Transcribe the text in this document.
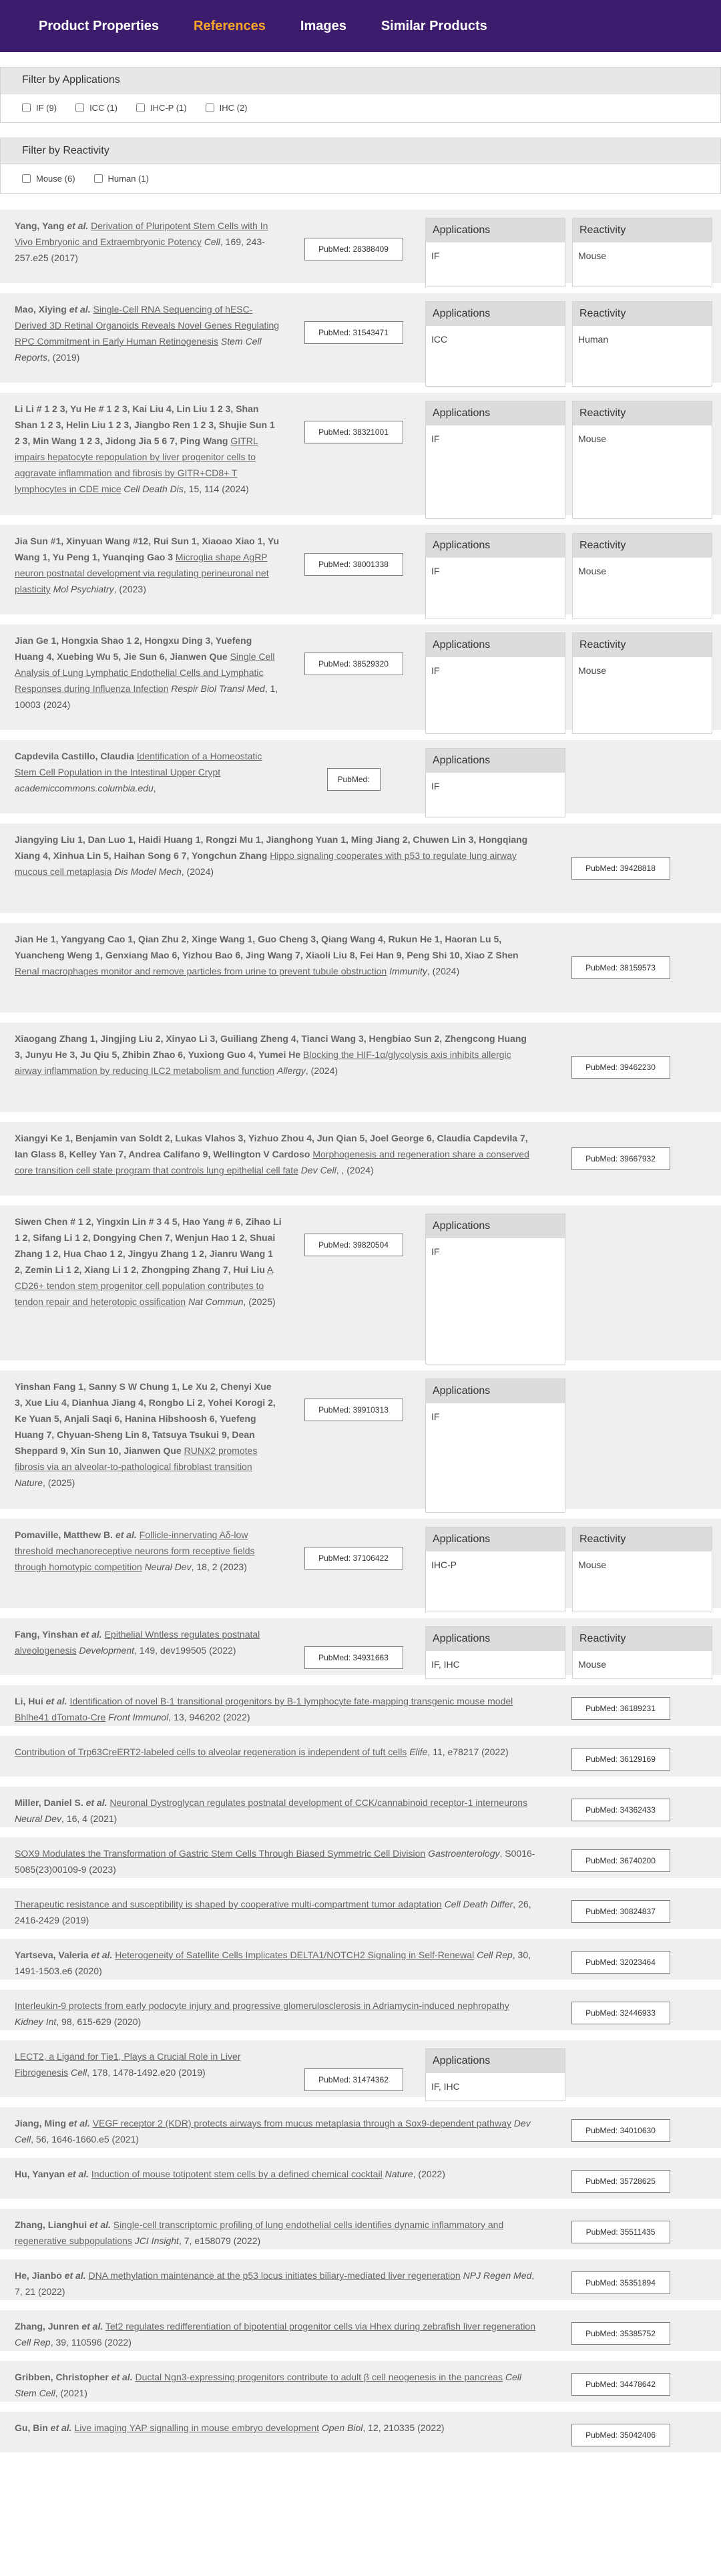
Product Properties	References	Images	Similar Products
Filter by Applications
IF (9)	ICC (1)	IHC-P (1)	IHC (2)
Filter by Reactivity
Mouse (6)	Human (1)
Yang, Yang et al. Derivation of Pluripotent Stem Cells with In Vivo Embryonic and Extraembryonic Potency Cell, 169, 243-257.e25 (2017)
PubMed: 28388409
Applications
IF
Reactivity
Mouse
Mao, Xiying et al. Single-Cell RNA Sequencing of hESC-Derived 3D Retinal Organoids Reveals Novel Genes Regulating RPC Commitment in Early Human Retinogenesis Stem Cell Reports, (2019)
PubMed: 31543471
Applications
ICC
Reactivity
Human
Li Li # 1 2 3, Yu He # 1 2 3, Kai Liu 4, Lin Liu 1 2 3, Shan Shan 1 2 3, Helin Liu 1 2 3, Jiangbo Ren 1 2 3, Shujie Sun 1 2 3, Min Wang 1 2 3, Jidong Jia 5 6 7, Ping Wang GITRL impairs hepatocyte repopulation by liver progenitor cells to aggravate inflammation and fibrosis by GITR+CD8+ T lymphocytes in CDE mice Cell Death Dis, 15, 114 (2024)
PubMed: 38321001
Applications
IF
Reactivity
Mouse
Jia Sun #1, Xinyuan Wang #12, Rui Sun 1, Xiaoao Xiao 1, Yu Wang 1, Yu Peng 1, Yuanqing Gao 3 Microglia shape AgRP neuron postnatal development via regulating perineuronal net plasticity Mol Psychiatry, (2023)
PubMed: 38001338
Applications
IF
Reactivity
Mouse
Jian Ge 1, Hongxia Shao 1 2, Hongxu Ding 3, Yuefeng Huang 4, Xuebing Wu 5, Jie Sun 6, Jianwen Que Single Cell Analysis of Lung Lymphatic Endothelial Cells and Lymphatic Responses during Influenza Infection Respir Biol Transl Med, 1, 10003 (2024)
PubMed: 38529320
Applications
IF
Reactivity
Mouse
Capdevila Castillo, Claudia Identification of a Homeostatic Stem Cell Population in the Intestinal Upper Crypt academiccommons.columbia.edu,
PubMed:
Applications
IF
Jiangying Liu 1, Dan Luo 1, Haidi Huang 1, Rongzi Mu 1, Jianghong Yuan 1, Ming Jiang 2, Chuwen Lin 3, Hongqiang Xiang 4, Xinhua Lin 5, Haihan Song 6 7, Yongchun Zhang Hippo signaling cooperates with p53 to regulate lung airway mucous cell metaplasia Dis Model Mech, (2024)	PubMed: 39428818
Jian He 1, Yangyang Cao 1, Qian Zhu 2, Xinge Wang 1, Guo Cheng 3, Qiang Wang 4, Rukun He 1, Haoran Lu 5, Yuancheng Weng 1, Genxiang Mao 6, Yizhou Bao 6, Jing Wang 7, Xiaoli Liu 8, Fei Han 9, Peng Shi 10, Xiao Z Shen Renal macrophages monitor and remove particles from urine to prevent tubule obstruction Immunity, (2024)	PubMed: 38159573
Xiaogang Zhang 1, Jingjing Liu 2, Xinyao Li 3, Guiliang Zheng 4, Tianci Wang 3, Hengbiao Sun 2, Zhengcong Huang 3, Junyu He 3, Ju Qiu 5, Zhibin Zhao 6, Yuxiong Guo 4, Yumei He Blocking the HIF-1α/glycolysis axis inhibits allergic airway inflammation by reducing ILC2 metabolism and function Allergy, (2024)	PubMed: 39462230
Xiangyi Ke 1, Benjamin van Soldt 2, Lukas Vlahos 3, Yizhuo Zhou 4, Jun Qian 5, Joel George 6, Claudia Capdevila 7, Ian Glass 8, Kelley Yan 7, Andrea Califano 9, Wellington V Cardoso Morphogenesis and regeneration share a conserved core transition cell state program that controls lung epithelial cell fate Dev Cell, , (2024)
PubMed: 39667932
Siwen Chen # 1 2, Yingxin Lin # 3 4 5, Hao Yang # 6, Zihao Li 1 2, Sifang Li 1 2, Dongying Chen 7, Wenjun Hao 1 2, Shuai Zhang 1 2, Hua Chao 1 2, Jingyu Zhang 1 2, Jianru Wang 1 2, Zemin Li 1 2, Xiang Li 1 2, Zhongping Zhang 7, Hui Liu A CD26+ tendon stem progenitor cell population contributes to tendon repair and heterotopic ossification Nat Commun, (2025)
PubMed: 39820504
Applications
IF
Yinshan Fang 1, Sanny S W Chung 1, Le Xu 2, Chenyi Xue 3, Xue Liu 4, Dianhua Jiang 4, Rongbo Li 2, Yohei Korogi 2, Ke Yuan 5, Anjali Saqi 6, Hanina Hibshoosh 6, Yuefeng Huang 7, Chyuan-Sheng Lin 8, Tatsuya Tsukui 9, Dean Sheppard 9, Xin Sun 10, Jianwen Que RUNX2 promotes fibrosis via an alveolar-to-pathological fibroblast transition Nature, (2025)
PubMed: 39910313
Applications
IF
Pomaville, Matthew B. et al. Follicle-innervating Aδ-low threshold mechanoreceptive neurons form receptive fields through homotypic competition Neural Dev, 18, 2 (2023)
PubMed: 37106422
Applications
IHC-P
Reactivity
Mouse
Fang, Yinshan et al. Epithelial Wntless regulates postnatal alveologenesis Development, 149, dev199505 (2022)
PubMed: 34931663
Applications
IF, IHC
Reactivity
Mouse
Li, Hui et al. Identification of novel B-1 transitional progenitors by B-1 lymphocyte fate-mapping transgenic mouse model Bhlhe41 dTomato-Cre Front Immunol, 13, 946202 (2022)
PubMed: 36189231
Contribution of Trp63CreERT2-labeled cells to alveolar regeneration is independent of tuft cells Elife, 11, e78217 (2022)
PubMed: 36129169
Miller, Daniel S. et al. Neuronal Dystroglycan regulates postnatal development of CCK/cannabinoid receptor-1 interneurons Neural Dev, 16, 4 (2021)
PubMed: 34362433
SOX9 Modulates the Transformation of Gastric Stem Cells Through Biased Symmetric Cell Division Gastroenterology, S0016-5085(23)00109-9 (2023)
PubMed: 36740200
Therapeutic resistance and susceptibility is shaped by cooperative multi-compartment tumor adaptation Cell Death Differ, 26, 2416-2429 (2019)
PubMed: 30824837
Yartseva, Valeria et al. Heterogeneity of Satellite Cells Implicates DELTA1/NOTCH2 Signaling in Self-Renewal Cell Rep, 30, 1491-1503.e6 (2020)
PubMed: 32023464
Interleukin-9 protects from early podocyte injury and progressive glomerulosclerosis in Adriamycin-induced nephropathy Kidney Int, 98, 615-629 (2020)
PubMed: 32446933
LECT2, a Ligand for Tie1, Plays a Crucial Role in Liver Fibrogenesis Cell, 178, 1478-1492.e20 (2019)
PubMed: 31474362
Applications
IF, IHC
Jiang, Ming et al. VEGF receptor 2 (KDR) protects airways from mucus metaplasia through a Sox9-dependent pathway Dev Cell, 56, 1646-1660.e5 (2021)
PubMed: 34010630
Hu, Yanyan et al. Induction of mouse totipotent stem cells by a defined chemical cocktail Nature, (2022)
PubMed: 35728625
Zhang, Lianghui et al. Single-cell transcriptomic profiling of lung endothelial cells identifies dynamic inflammatory and regenerative subpopulations JCI Insight, 7, e158079 (2022)
PubMed: 35511435
He, Jianbo et al. DNA methylation maintenance at the p53 locus initiates biliary-mediated liver regeneration NPJ Regen Med, 7, 21 (2022)
PubMed: 35351894
Zhang, Junren et al. Tet2 regulates redifferentiation of bipotential progenitor cells via Hhex during zebrafish liver regeneration Cell Rep, 39, 110596 (2022)
PubMed: 35385752
Gribben, Christopher et al. Ductal Ngn3-expressing progenitors contribute to adult β cell neogenesis in the pancreas Cell Stem Cell, (2021)
PubMed: 34478642
Gu, Bin et al. Live imaging YAP signalling in mouse embryo development Open Biol, 12, 210335 (2022)
PubMed: 35042406
